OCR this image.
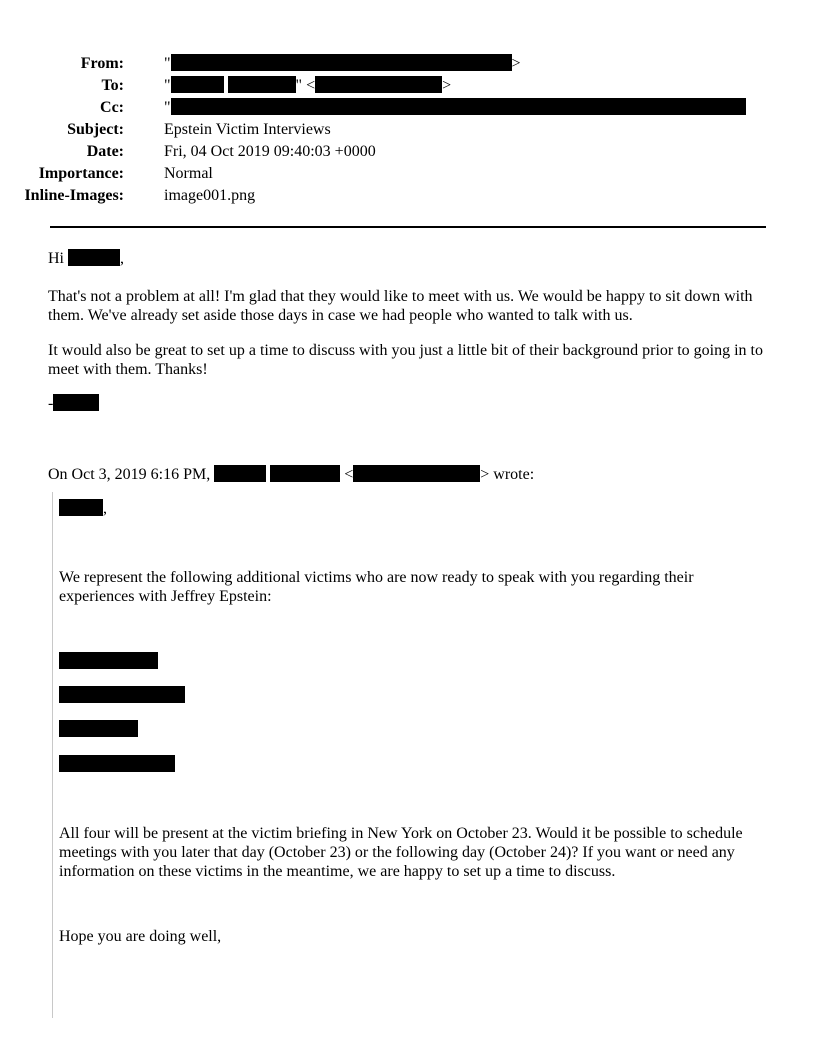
From:	"	>
To:	"	" <	>
Cc:	"
Subject:	Epstein Victim Interviews
Date:	Fri, 04 Oct 2019 09:40:03 +0000
Importance:	Normal
Inline-Images:	image001.png
Hi	,
That's not a problem at all! I'm glad that they would like to meet with us. We would be happy to sit down with them. We've already set aside those days in case we had people who wanted to talk with us.
It would also be great to set up a time to discuss with you just a little bit of their background prior to going in to meet with them. Thanks!
-
On Oct 3, 2019 6:16 PM,	<	> wrote:
,
We represent the following additional victims who are now ready to speak with you regarding their experiences with Jeffrey Epstein:
All four will be present at the victim briefing in New York on October 23. Would it be possible to schedule meetings with you later that day (October 23) or the following day (October 24)? If you want or need any information on these victims in the meantime, we are happy to set up a time to discuss.
Hope you are doing well,
